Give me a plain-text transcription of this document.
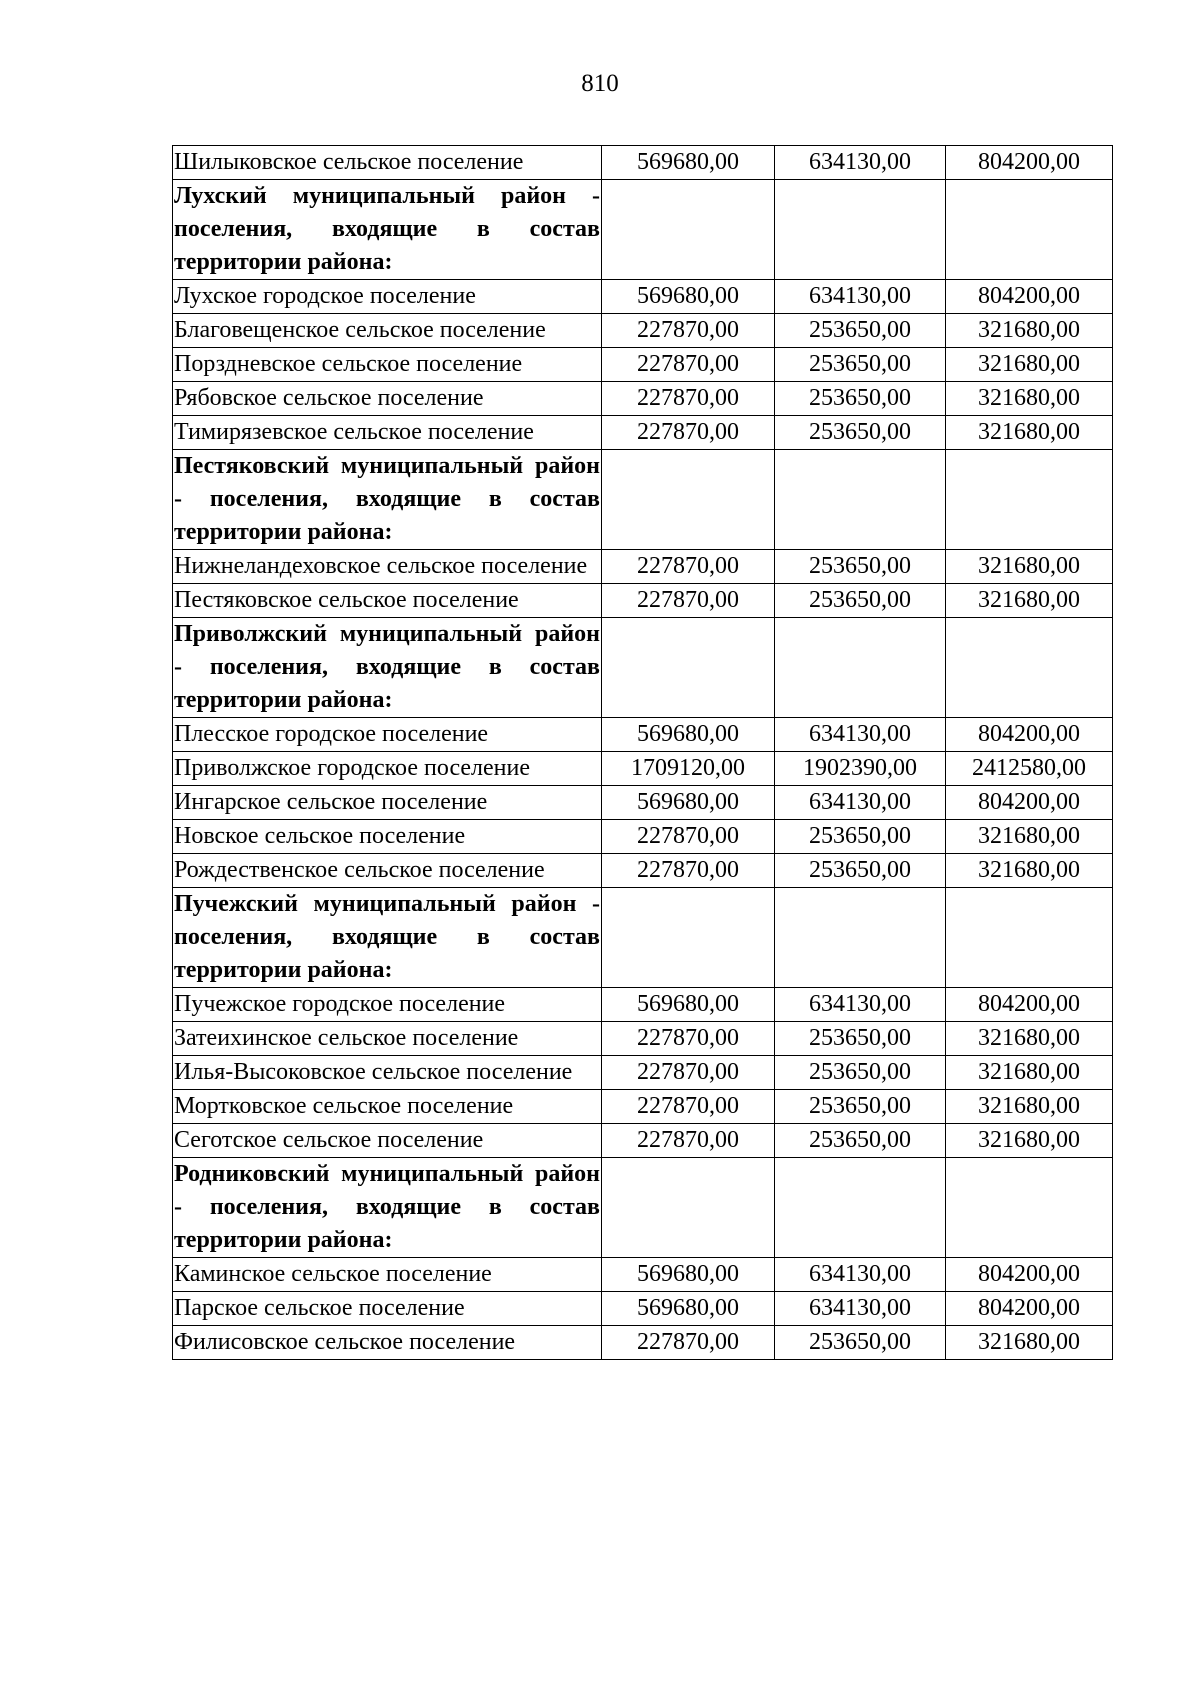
810
Шилыковское сельское поселение	569680,00	634130,00	804200,00
Лухский муниципальный район - поселения, входящие в состав территории района:			
Лухское городское поселение	569680,00	634130,00	804200,00
Благовещенское сельское поселение	227870,00	253650,00	321680,00
Порздневское сельское поселение	227870,00	253650,00	321680,00
Рябовское сельское поселение	227870,00	253650,00	321680,00
Тимирязевское сельское поселение	227870,00	253650,00	321680,00
Пестяковский муниципальный район - поселения, входящие в состав территории района:			
Нижнеландеховское сельское поселение	227870,00	253650,00	321680,00
Пестяковское сельское поселение	227870,00	253650,00	321680,00
Приволжский муниципальный район - поселения, входящие в состав территории района:			
Плесское городское поселение	569680,00	634130,00	804200,00
Приволжское городское поселение	1709120,00	1902390,00	2412580,00
Ингарское сельское поселение	569680,00	634130,00	804200,00
Новское сельское поселение	227870,00	253650,00	321680,00
Рождественское сельское поселение	227870,00	253650,00	321680,00
Пучежский муниципальный район - поселения, входящие в состав территории района:			
Пучежское городское поселение	569680,00	634130,00	804200,00
Затеихинское сельское поселение	227870,00	253650,00	321680,00
Илья-Высоковское сельское поселение	227870,00	253650,00	321680,00
Мортковское сельское поселение	227870,00	253650,00	321680,00
Сеготское сельское поселение	227870,00	253650,00	321680,00
Родниковский муниципальный район - поселения, входящие в состав территории района:			
Каминское сельское поселение	569680,00	634130,00	804200,00
Парское сельское поселение	569680,00	634130,00	804200,00
Филисовское сельское поселение	227870,00	253650,00	321680,00
